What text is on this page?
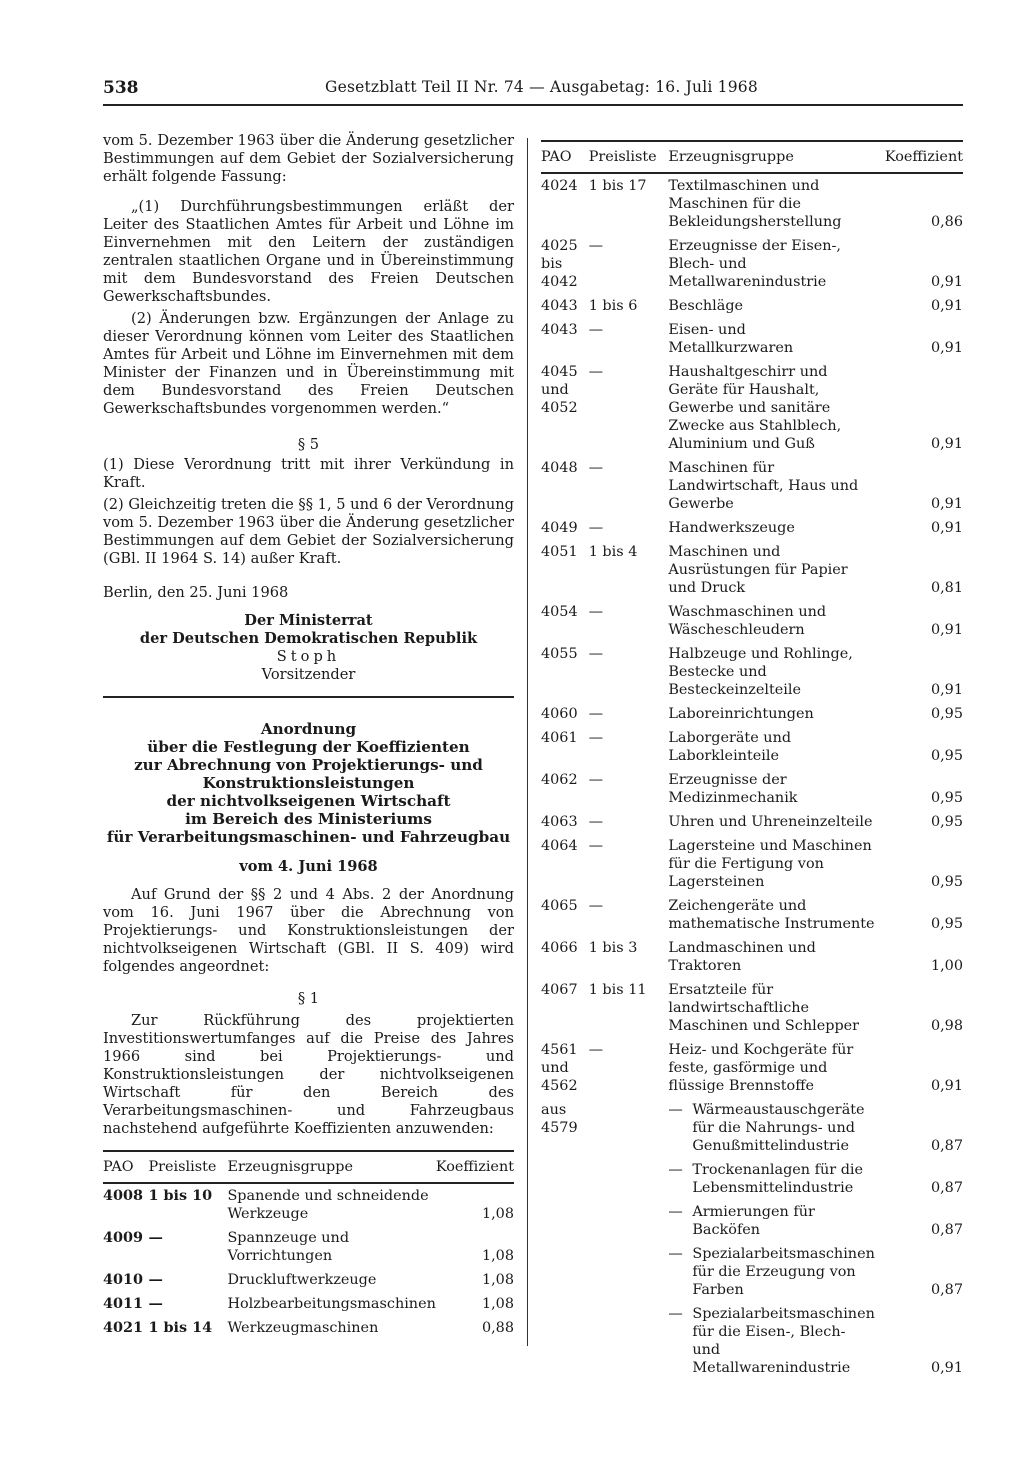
538	Gesetzblatt Teil II Nr. 74 — Ausgabetag: 16. Juli 1968

vom 5. Dezember 1963 über die Änderung gesetzlicher Bestimmungen auf dem Gebiet der Sozialversicherung erhält folgende Fassung:

„(1) Durchführungsbestimmungen erläßt der Leiter des Staatlichen Amtes für Arbeit und Löhne im Einvernehmen mit den Leitern der zuständigen zentralen staatlichen Organe und in Übereinstimmung mit dem Bundesvorstand des Freien Deutschen Gewerkschaftsbundes.

(2) Änderungen bzw. Ergänzungen der Anlage zu dieser Verordnung können vom Leiter des Staatlichen Amtes für Arbeit und Löhne im Einvernehmen mit dem Minister der Finanzen und in Übereinstimmung mit dem Bundesvorstand des Freien Deutschen Gewerkschaftsbundes vorgenommen werden.“

§ 5

(1) Diese Verordnung tritt mit ihrer Verkündung in Kraft.

(2) Gleichzeitig treten die §§ 1, 5 und 6 der Verordnung vom 5. Dezember 1963 über die Änderung gesetzlicher Bestimmungen auf dem Gebiet der Sozialversicherung (GBl. II 1964 S. 14) außer Kraft.

Berlin, den 25. Juni 1968

Der Ministerrat
der Deutschen Demokratischen Republik
Stoph
Vorsitzender
Anordnung
über die Festlegung der Koeffizienten
zur Abrechnung von Projektierungs- und
Konstruktionsleistungen
der nichtvolkseigenen Wirtschaft
im Bereich des Ministeriums
für Verarbeitungsmaschinen- und Fahrzeugbau
vom 4. Juni 1968

Auf Grund der §§ 2 und 4 Abs. 2 der Anordnung vom 16. Juni 1967 über die Abrechnung von Projektierungs- und Konstruktionsleistungen der nichtvolkseigenen Wirtschaft (GBl. II S. 409) wird folgendes angeordnet:

§ 1

Zur Rückführung des projektierten Investitionswertumfanges auf die Preise des Jahres 1966 sind bei Projektierungs- und Konstruktionsleistungen der nichtvolkseigenen Wirtschaft für den Bereich des Verarbeitungsmaschinen- und Fahrzeugbaus nachstehend aufgeführte Koeffizienten anzuwenden:

PAO	Preisliste	Erzeugnisgruppe	Koeffizient
4008	1 bis 10	Spanende und schneidende Werkzeuge	1,08
4009	—	Spannzeuge und Vorrichtungen	1,08
4010	—	Druckluftwerkzeuge	1,08
4011	—	Holzbearbeitungsmaschinen	1,08
4021	1 bis 14	Werkzeugmaschinen	0,88
PAO	Preisliste	Erzeugnisgruppe	Koeffizient
4024	1 bis 17	Textilmaschinen und Maschinen für die Bekleidungsherstellung	0,86
4025 bis 4042	—	Erzeugnisse der Eisen-, Blech- und Metallwarenindustrie	0,91
4043	1 bis 6	Beschläge	0,91
4043	—	Eisen- und Metallkurzwaren	0,91
4045 und 4052	—	Haushaltgeschirr und Geräte für Haushalt, Gewerbe und sanitäre Zwecke aus Stahlblech, Aluminium und Guß	0,91
4048	—	Maschinen für Landwirtschaft, Haus und Gewerbe	0,91
4049	—	Handwerkszeuge	0,91
4051	1 bis 4	Maschinen und Ausrüstungen für Papier und Druck	0,81
4054	—	Waschmaschinen und Wäscheschleudern	0,91
4055	—	Halbzeuge und Rohlinge, Bestecke und Besteckeinzelteile	0,91
4060	—	Laboreinrichtungen	0,95
4061	—	Laborgeräte und Laborkleinteile	0,95
4062	—	Erzeugnisse der Medizinmechanik	0,95
4063	—	Uhren und Uhreneinzelteile	0,95
4064	—	Lagersteine und Maschinen für die Fertigung von Lagersteinen	0,95
4065	—	Zeichengeräte und mathematische Instrumente	0,95
4066	1 bis 3	Landmaschinen und Traktoren	1,00
4067	1 bis 11	Ersatzteile für landwirtschaftliche Maschinen und Schlepper	0,98
4561 und 4562	—	Heiz- und Kochgeräte für feste, gasförmige und flüssige Brennstoffe	0,91
aus 4579		— Wärmeaustauschgeräte für die Nahrungs- und Genußmittelindustrie	0,87

		— Trockenanlagen für die Lebensmittelindustrie	0,87

		— Armierungen für Backöfen	0,87

		— Spezialarbeitsmaschinen für die Erzeugung von Farben	0,87

		— Spezialarbeitsmaschinen für die Eisen-, Blech- und Metallwarenindustrie	0,91
